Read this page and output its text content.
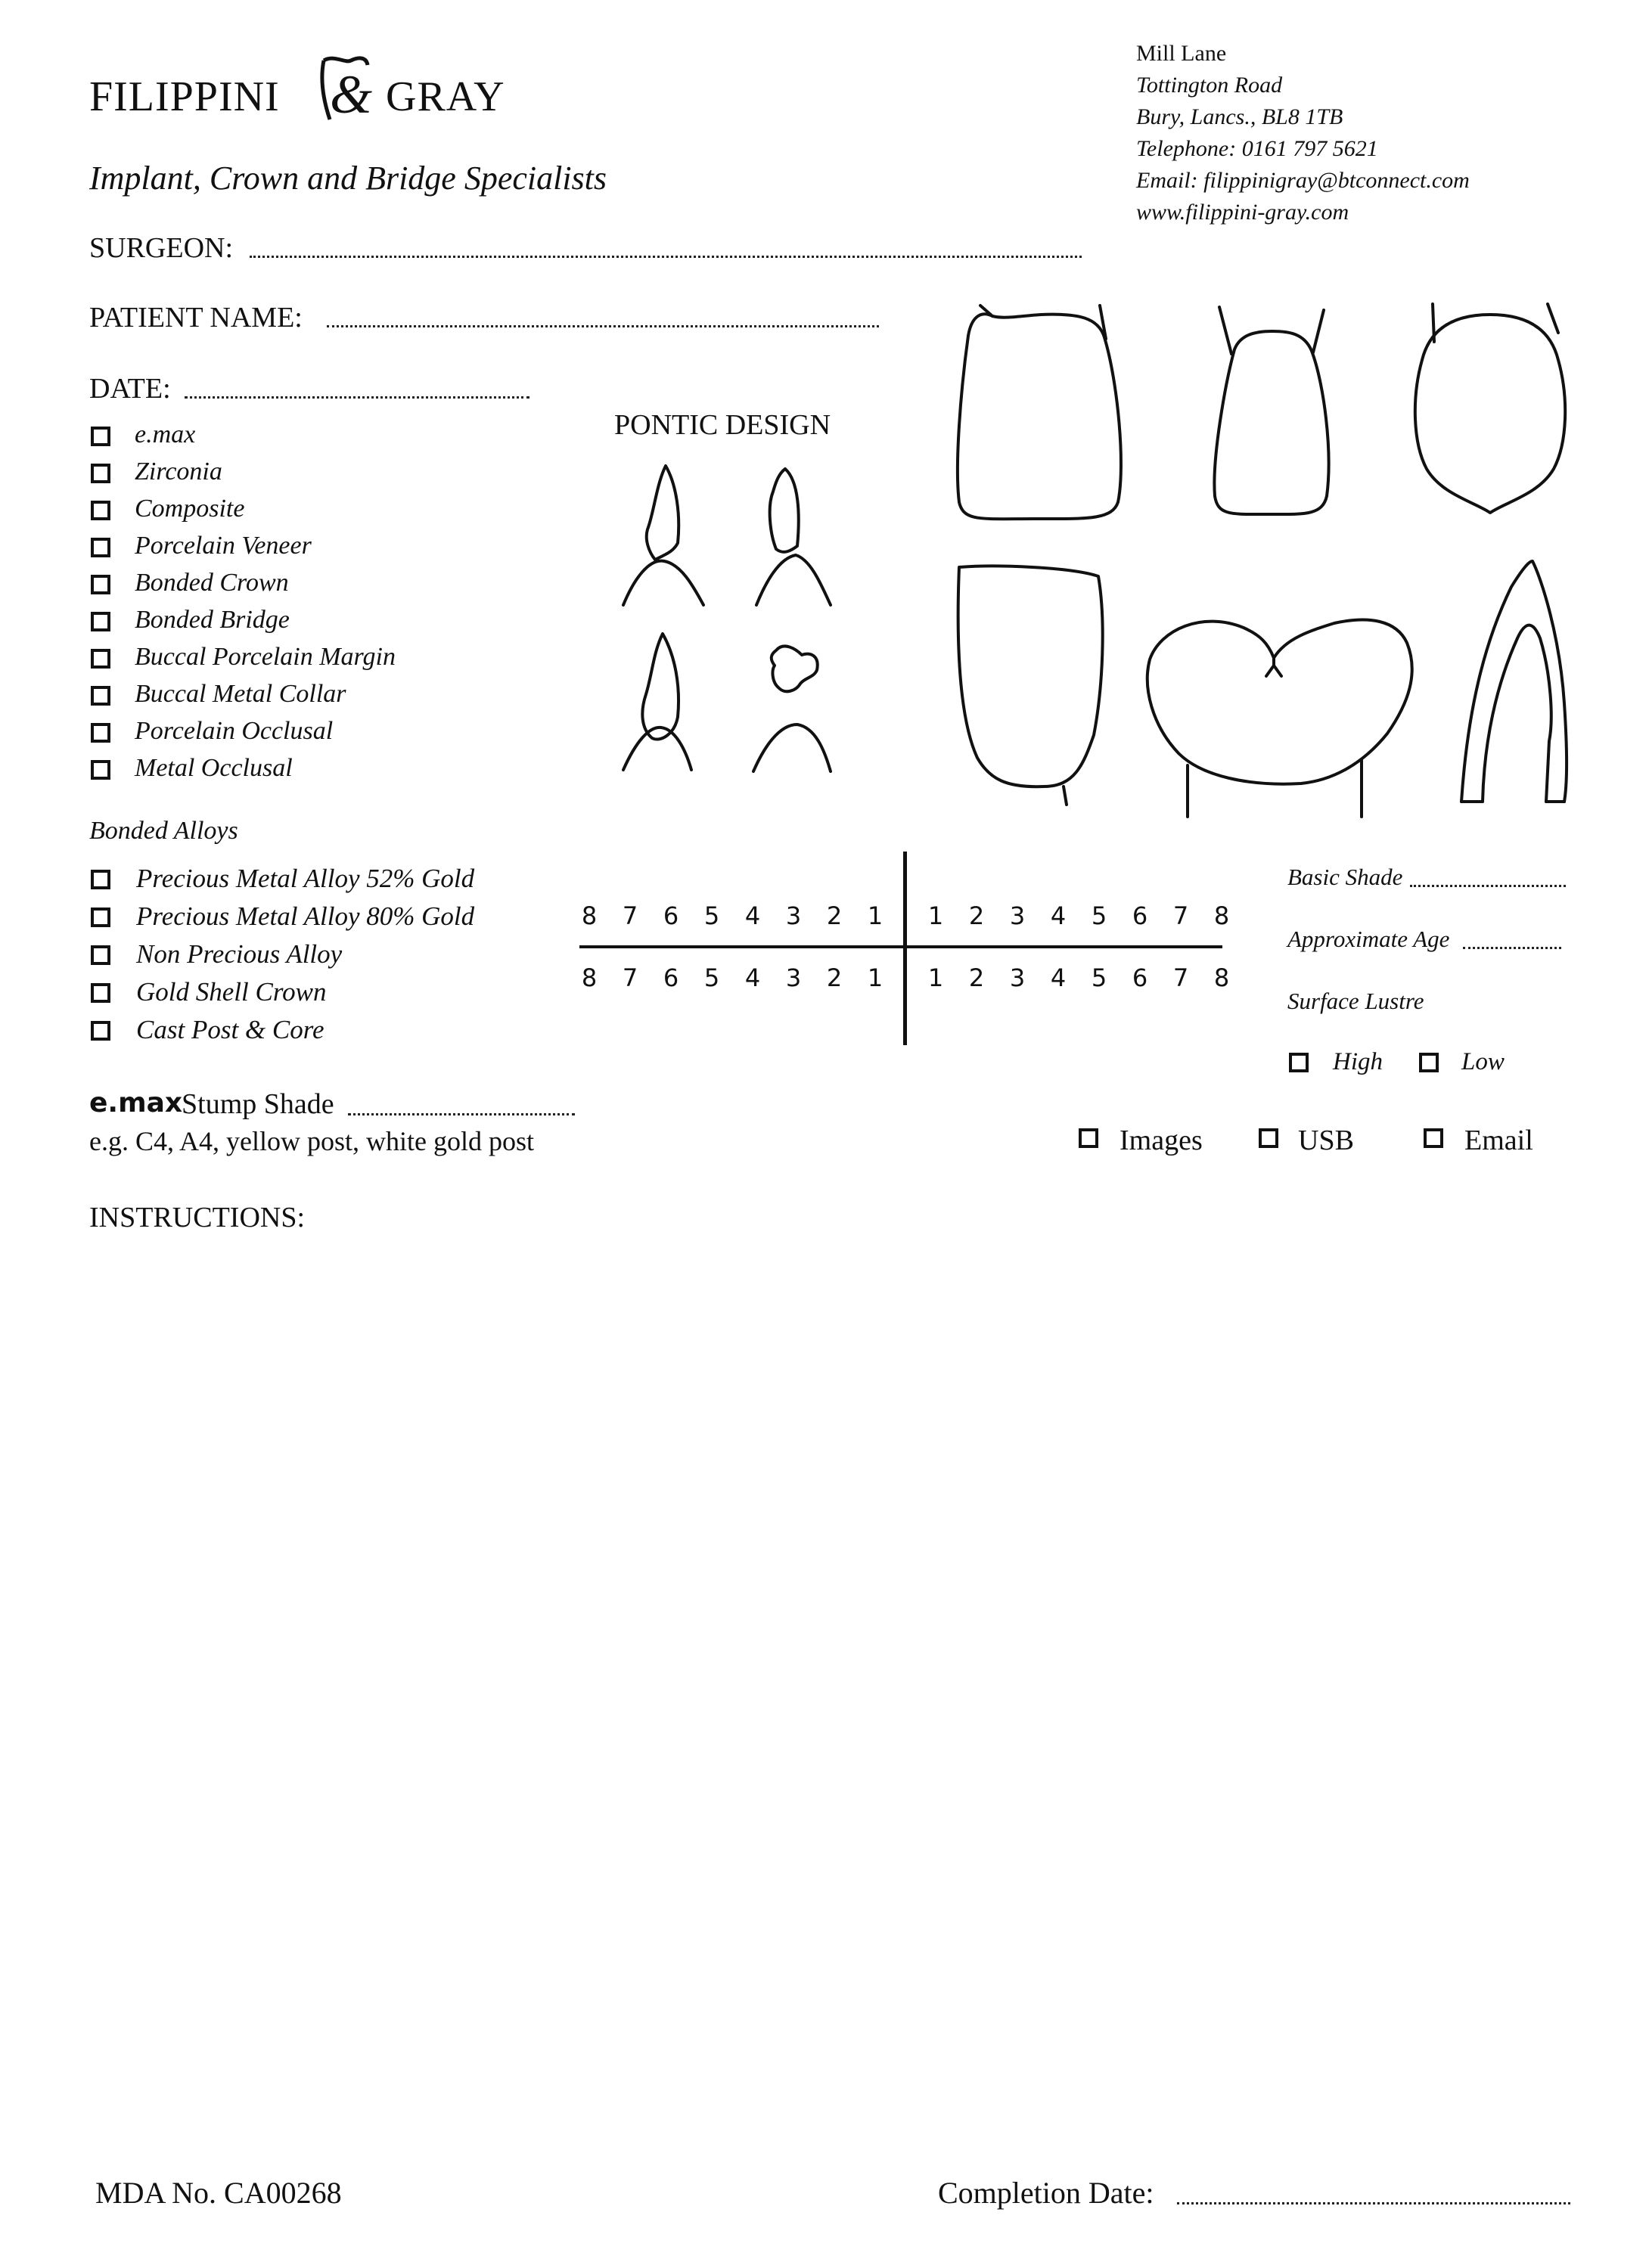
FILIPPINI & GRAY
Implant, Crown and Bridge Specialists
Mill Lane
Tottington Road
Bury, Lancs., BL8 1TB
Telephone: 0161 797 5621
Email: filippinigray@btconnect.com
www.filippini-gray.com
SURGEON:
PATIENT NAME:
DATE:
e.max
Zirconia
Composite
Porcelain Veneer
Bonded Crown
Bonded Bridge
Buccal Porcelain Margin
Buccal Metal Collar
Porcelain Occlusal
Metal Occlusal
PONTIC DESIGN
Bonded Alloys
Precious Metal Alloy 52% Gold
Precious Metal Alloy 80% Gold
Non Precious Alloy
Gold Shell Crown
Cast Post & Core
8	7	6	5	4	3	2	1	1	2	3	4	5	6	7	8
8	7	6	5	4	3	2	1	1	2	3	4	5	6	7	8
Basic Shade
Approximate Age
Surface Lustre
High	Low
e.max
Stump Shade
e.g. C4, A4, yellow post, white gold post	Images	USB	Email
INSTRUCTIONS:
MDA No. CA00268	Completion Date:
